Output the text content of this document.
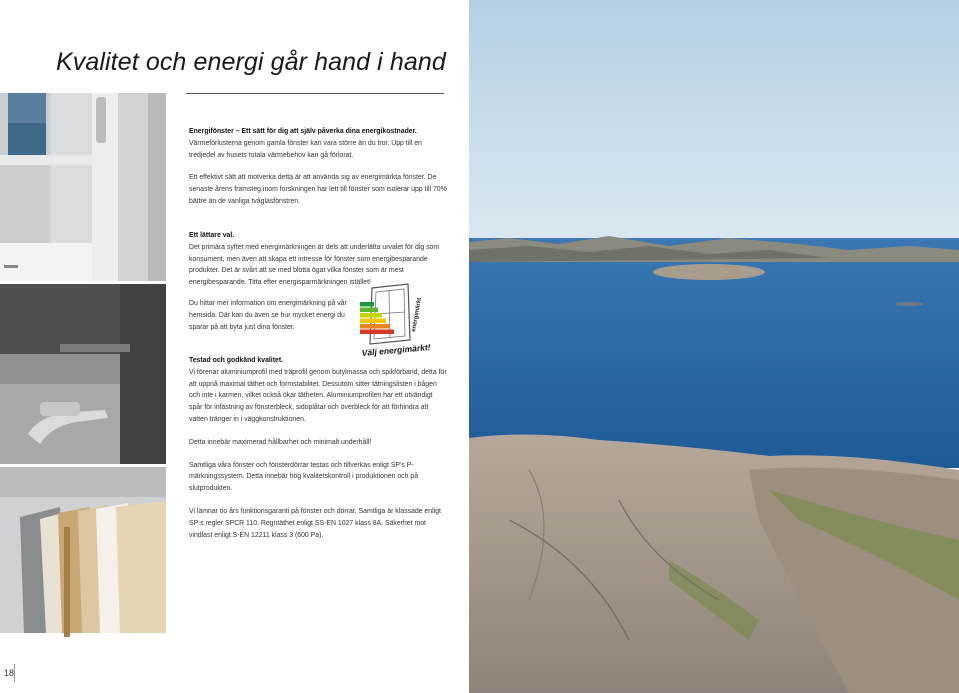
Kvalitet och energi går hand i hand

Energifönster – Ett sätt för dig att själv påverka dina energikostnader.

Värmeförlusterna genom gamla fönster kan vara större än du tror. Upp till en tredjedel av husets totala värmebehov kan gå förlorat.

Ett effektivt sätt att motverka detta är att använda sig av energimärkta fönster. De senaste årens framsteg inom forskningen har lett till fönster som isolerar upp till 70% bättre än de vanliga tvåglasfönstren.

Ett lättare val.

Det primära syftet med energimärkningen är dels att underlätta urvalet för dig som konsument, men även att skapa ett intresse för fönster som energibesparande produkter. Det är svårt att se med blotta ögat vilka fönster som är mest energibesparande. Titta efter energisparmärkningen istället!

Du hittar mer information om energimärkning på vår hemsida. Där kan du även se hur mycket energi du sparar på att byta just dina fönster.	energimärkt
Välj energimärkt!

Testad och godkänd kvalitet.

Vi förenar aluminiumprofil med träprofil genom butylmassa och spikförband, detta för att uppnå maximal täthet och formstabilitet. Dessutom sitter tätningslisten i bågen och inte i karmen, vilket också ökar tätheten. Aluminiumprofilen har ett utvändigt spår för infästning av fönsterbleck, sidoplåtar och överbleck för att förhindra att vatten tränger in i väggkonstruktionen.

Detta innebär maximerad hållbarhet och minimalt underhåll!

Samtliga våra fönster och fönsterdörrar testas och tillverkas enligt SP's P-märkningssystem. Detta innebär hög kvalitetskontroll i produktionen och på slutprodukten.

Vi lämnar tio års funktionsgaranti på fönster och dörrar. Samtliga är klassade enligt SP:s regler SPCR 110. Regntäthet enligt SS-EN 1027 klass 8A. Säkerhet mot vindlast enligt S-EN 12211 klass 3 (600 Pa).

18
